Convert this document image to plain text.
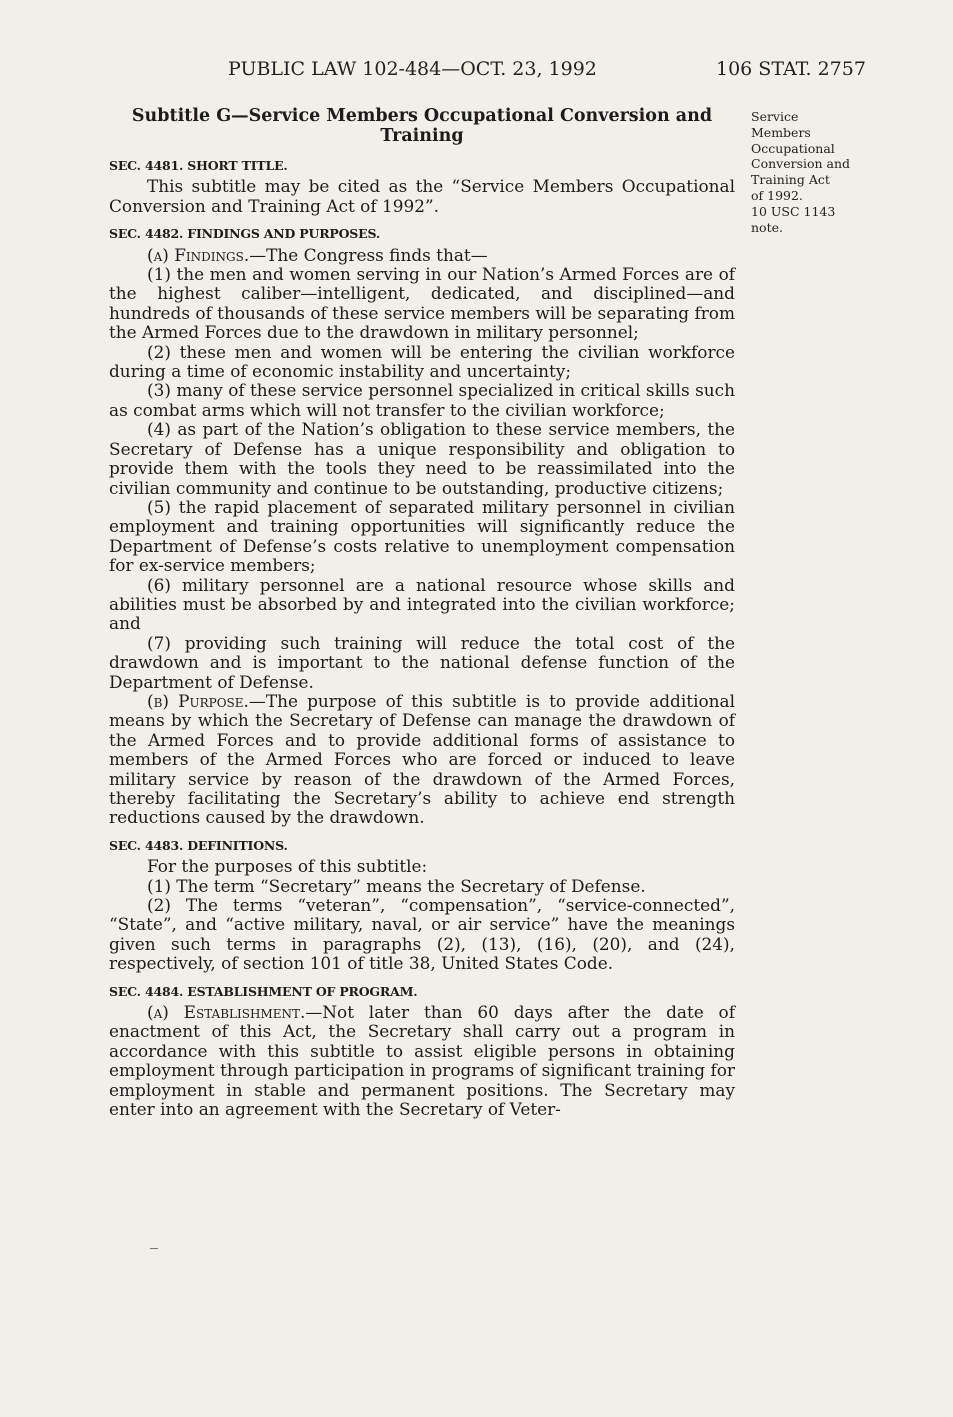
PUBLIC LAW 102-484—OCT. 23, 1992	106 STAT. 2757
Service
Members
Occupational
Conversion and
Training Act
of 1992.
10 USC 1143
note.
Subtitle G—Service Members Occupational Conversion and Training
SEC. 4481. SHORT TITLE.

This subtitle may be cited as the “Service Members Occupational Conversion and Training Act of 1992”.

SEC. 4482. FINDINGS AND PURPOSES.

(a) Findings.—The Congress finds that—

(1) the men and women serving in our Nation’s Armed Forces are of the highest caliber—intelligent, dedicated, and disciplined—and hundreds of thousands of these service members will be separating from the Armed Forces due to the drawdown in military personnel;

(2) these men and women will be entering the civilian workforce during a time of economic instability and uncertainty;

(3) many of these service personnel specialized in critical skills such as combat arms which will not transfer to the civilian workforce;

(4) as part of the Nation’s obligation to these service members, the Secretary of Defense has a unique responsibility and obligation to provide them with the tools they need to be reassimilated into the civilian community and continue to be outstanding, productive citizens;

(5) the rapid placement of separated military personnel in civilian employment and training opportunities will significantly reduce the Department of Defense’s costs relative to unemployment compensation for ex-service members;

(6) military personnel are a national resource whose skills and abilities must be absorbed by and integrated into the civilian workforce; and

(7) providing such training will reduce the total cost of the drawdown and is important to the national defense function of the Department of Defense.

(b) Purpose.—The purpose of this subtitle is to provide additional means by which the Secretary of Defense can manage the drawdown of the Armed Forces and to provide additional forms of assistance to members of the Armed Forces who are forced or induced to leave military service by reason of the drawdown of the Armed Forces, thereby facilitating the Secretary’s ability to achieve end strength reductions caused by the drawdown.

SEC. 4483. DEFINITIONS.

For the purposes of this subtitle:

(1) The term “Secretary” means the Secretary of Defense.

(2) The terms “veteran”, “compensation”, “service-connected”, “State”, and “active military, naval, or air service” have the meanings given such terms in paragraphs (2), (13), (16), (20), and (24), respectively, of section 101 of title 38, United States Code.

SEC. 4484. ESTABLISHMENT OF PROGRAM.

(a) Establishment.—Not later than 60 days after the date of enactment of this Act, the Secretary shall carry out a program in accordance with this subtitle to assist eligible persons in obtaining employment through participation in programs of significant training for employment in stable and permanent positions. The Secretary may enter into an agreement with the Secretary of Veter-
